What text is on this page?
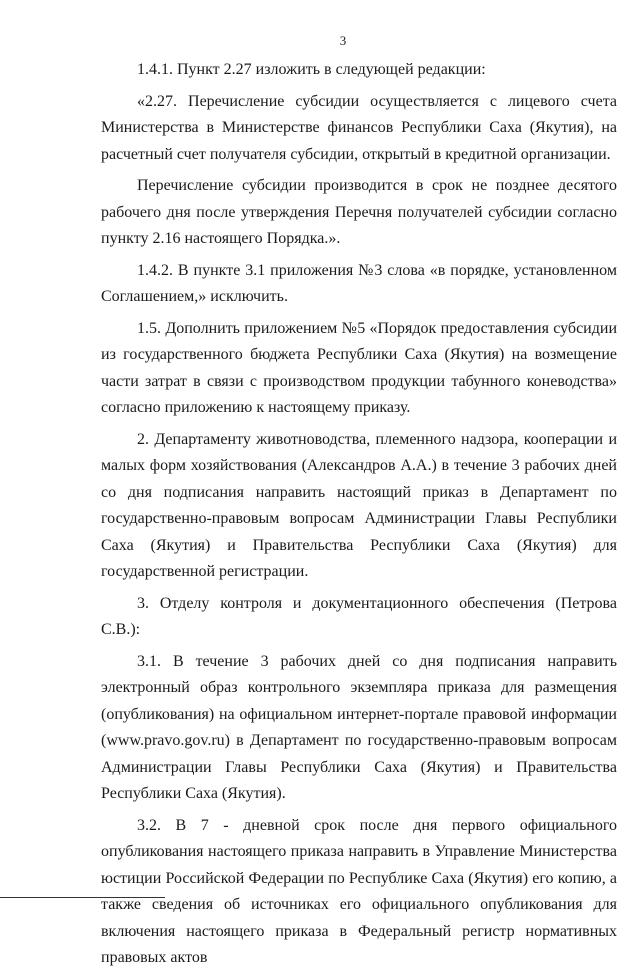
3

1.4.1. Пункт 2.27 изложить в следующей редакции:

«2.27. Перечисление субсидии осуществляется с лицевого счета Министерства в Министерстве финансов Республики Саха (Якутия), на расчетный счет получателя субсидии, открытый в кредитной организации.

Перечисление субсидии производится в срок не позднее десятого рабочего дня после утверждения Перечня получателей субсидии согласно пункту 2.16 настоящего Порядка.».

1.4.2. В пункте 3.1 приложения №3 слова «в порядке, установленном Соглашением,» исключить.

1.5. Дополнить приложением №5 «Порядок предоставления субсидии из государственного бюджета Республики Саха (Якутия) на возмещение части затрат в связи с производством продукции табунного коневодства» согласно приложению к настоящему приказу.

2. Департаменту животноводства, племенного надзора, кооперации и малых форм хозяйствования (Александров А.А.) в течение 3 рабочих дней со дня подписания направить настоящий приказ в Департамент по государственно-правовым вопросам Администрации Главы Республики Саха (Якутия) и Правительства Республики Саха (Якутия) для государственной регистрации.

3. Отделу контроля и документационного обеспечения (Петрова С.В.):

3.1. В течение 3 рабочих дней со дня подписания направить электронный образ контрольного экземпляра приказа для размещения (опубликования) на официальном интернет-портале правовой информации (www.pravo.gov.ru) в Департамент по государственно-правовым вопросам Администрации Главы Республики Саха (Якутия) и Правительства Республики Саха (Якутия).

3.2. В 7 - дневной срок после дня первого официального опубликования настоящего приказа направить в Управление Министерства юстиции Российской Федерации по Республике Саха (Якутия) его копию, а также сведения об источниках его официального опубликования для включения настоящего приказа в Федеральный регистр нормативных правовых актов
